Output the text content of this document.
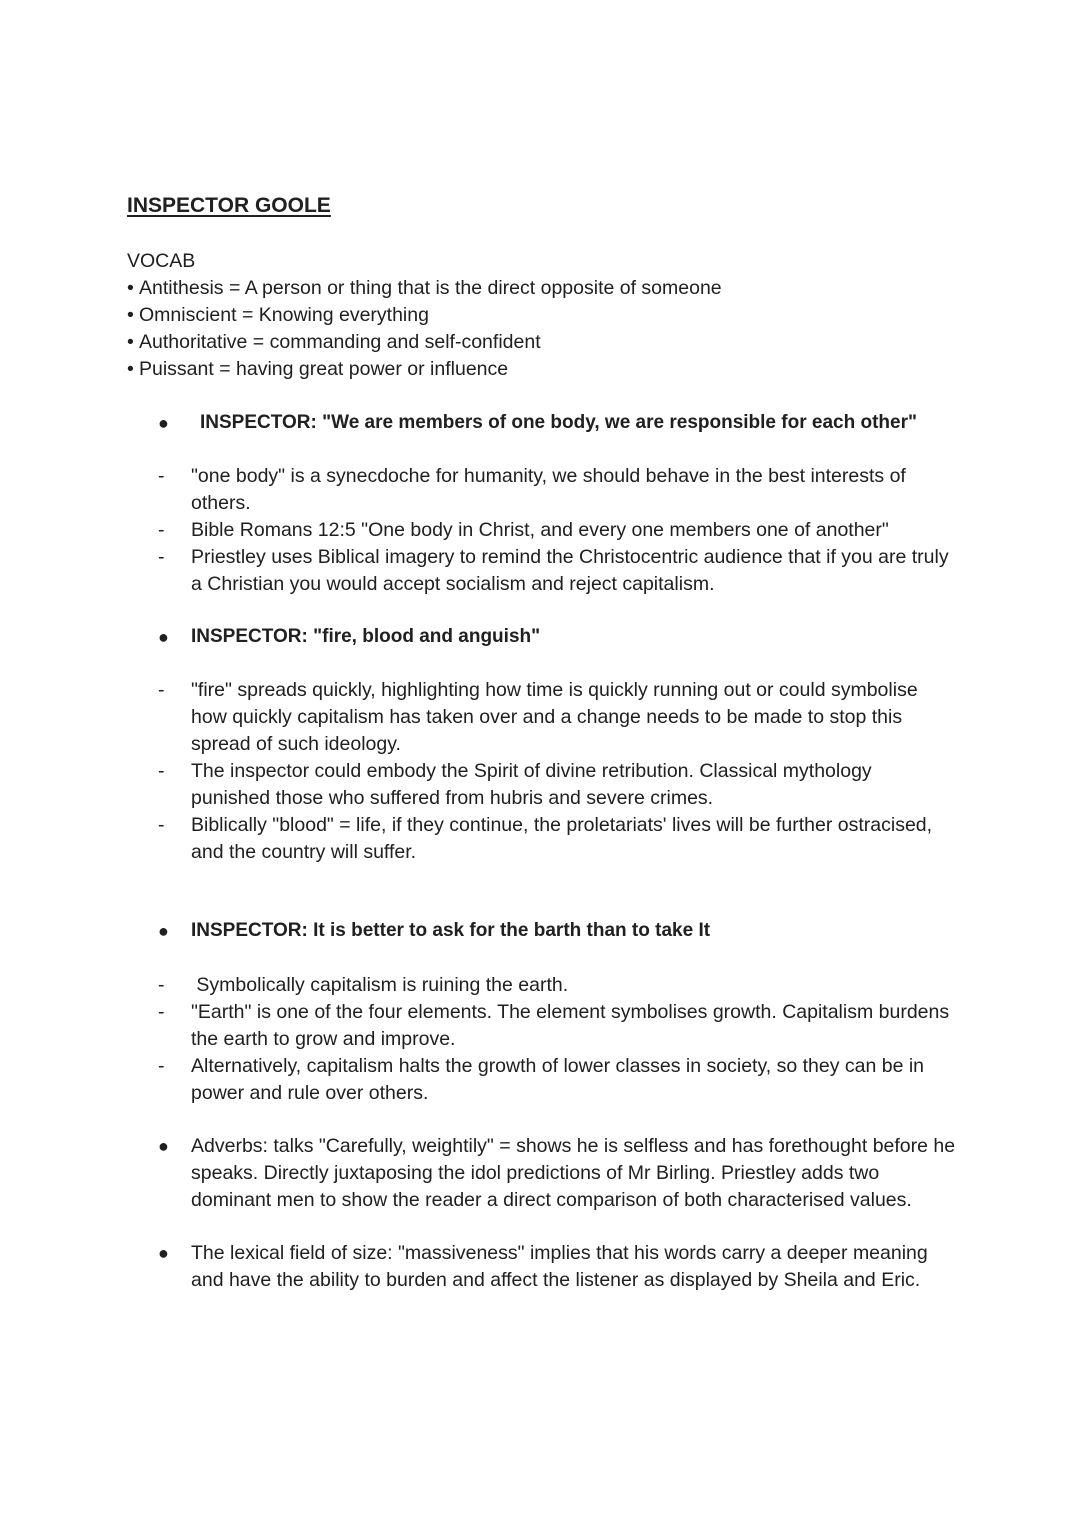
INSPECTOR GOOLE
VOCAB
• Antithesis = A person or thing that is the direct opposite of someone
• Omniscient = Knowing everything
• Authoritative = commanding and self-confident
• Puissant = having great power or influence
● INSPECTOR: "We are members of one body, we are responsible for each other"
- "one body" is a synecdoche for humanity, we should behave in the best interests of
others.
- Bible Romans 12:5 "One body in Christ, and every one members one of another"
- Priestley uses Biblical imagery to remind the Christocentric audience that if you are truly
a Christian you would accept socialism and reject capitalism.
● INSPECTOR: "fire, blood and anguish"
- "fire" spreads quickly, highlighting how time is quickly running out or could symbolise
how quickly capitalism has taken over and a change needs to be made to stop this
spread of such ideology.
- The inspector could embody the Spirit of divine retribution. Classical mythology
punished those who suffered from hubris and severe crimes.
- Biblically "blood" = life, if they continue, the proletariats' lives will be further ostracised,
and the country will suffer.
● INSPECTOR: It is better to ask for the barth than to take It
- Symbolically capitalism is ruining the earth.
- "Earth" is one of the four elements. The element symbolises growth. Capitalism burdens
the earth to grow and improve.
- Alternatively, capitalism halts the growth of lower classes in society, so they can be in
power and rule over others.
● Adverbs: talks "Carefully, weightily" = shows he is selfless and has forethought before he
speaks. Directly juxtaposing the idol predictions of Mr Birling. Priestley adds two
dominant men to show the reader a direct comparison of both characterised values.
● The lexical field of size: "massiveness" implies that his words carry a deeper meaning
and have the ability to burden and affect the listener as displayed by Sheila and Eric.
